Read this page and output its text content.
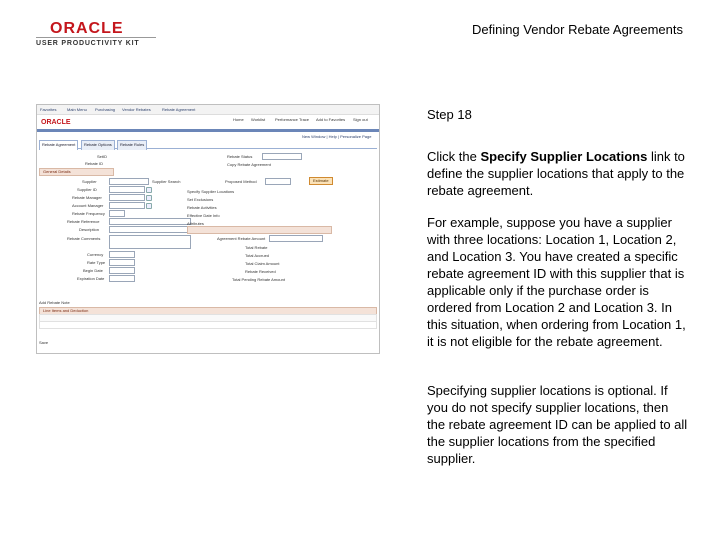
ORACLE
USER PRODUCTIVITY KIT
Defining Vendor Rebate Agreements
Favorites	Main Menu Purchasing Vendor Rebates	Rebate Agreement
ORACLE	Home Worklist Performance Trace Add to Favorites Sign out
New Window | Help | Personalize Page
Rebate Agreement	Rebate Options	Rebate Rules
SetID
Rebate ID
Rebate Status
Copy Rebate Agreement
General Details
Supplier	Supplier Search
Supplier ID
Rebate Manager
Account Manager
Rebate Frequency
Rebate Reference
Description
Rebate Comments
Currency
Rate Type
Begin Date
Expiration Date
Proposed Method	Estimate
Specify Supplier Locations
Set Exclusions
Rebate Activities
Effective Date Info
Attributes
Agreement Rebate Amount
Total Rebate
Total Accrued
Total Claim Amount
Rebate Received
Total Pending Rebate Amount
Add Rebate Note
Line Items and Deduction
Save
Step 18

Click the Specify Supplier Locations link to define the supplier locations that apply to the rebate agreement.

For example, suppose you have a supplier with three locations: Location 1, Location 2, and Location 3. You have created a specific rebate agreement ID with this supplier that is applicable only if the purchase order is ordered from Location 2 and Location 3. In this situation, when ordering from Location 1, it is not eligible for the rebate agreement.

Specifying supplier locations is optional. If you do not specify supplier locations, then the rebate agreement ID can be applied to all the supplier locations from the specified supplier.
